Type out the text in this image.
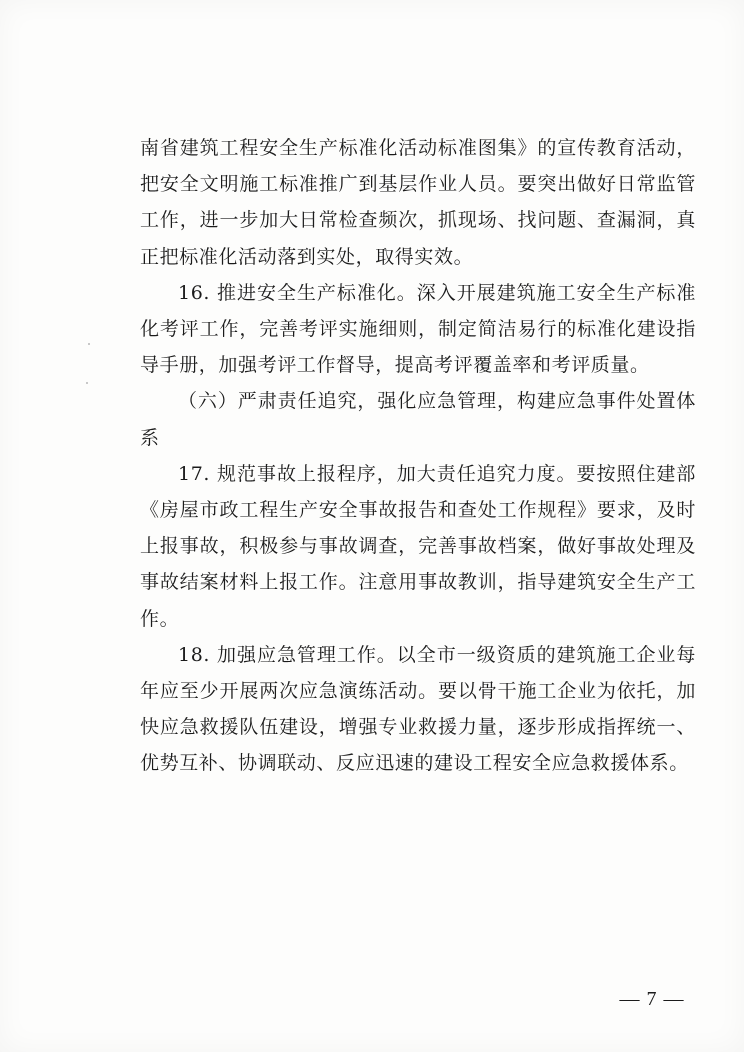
南省建筑工程安全生产标准化活动标准图集》的宣传教育活动，把安全文明施工标准推广到基层作业人员。要突出做好日常监管工作，进一步加大日常检查频次，抓现场、找问题、查漏洞，真正把标准化活动落到实处，取得实效。

16. 推进安全生产标准化。深入开展建筑施工安全生产标准化考评工作，完善考评实施细则，制定简洁易行的标准化建设指导手册，加强考评工作督导，提高考评覆盖率和考评质量。

（六）严肃责任追究，强化应急管理，构建应急事件处置体系

17. 规范事故上报程序，加大责任追究力度。要按照住建部《房屋市政工程生产安全事故报告和查处工作规程》要求，及时上报事故，积极参与事故调查，完善事故档案，做好事故处理及事故结案材料上报工作。注意用事故教训，指导建筑安全生产工作。

18. 加强应急管理工作。以全市一级资质的建筑施工企业每年应至少开展两次应急演练活动。要以骨干施工企业为依托，加快应急救援队伍建设，增强专业救援力量，逐步形成指挥统一、优势互补、协调联动、反应迅速的建设工程安全应急救援体系。

— 7 —
